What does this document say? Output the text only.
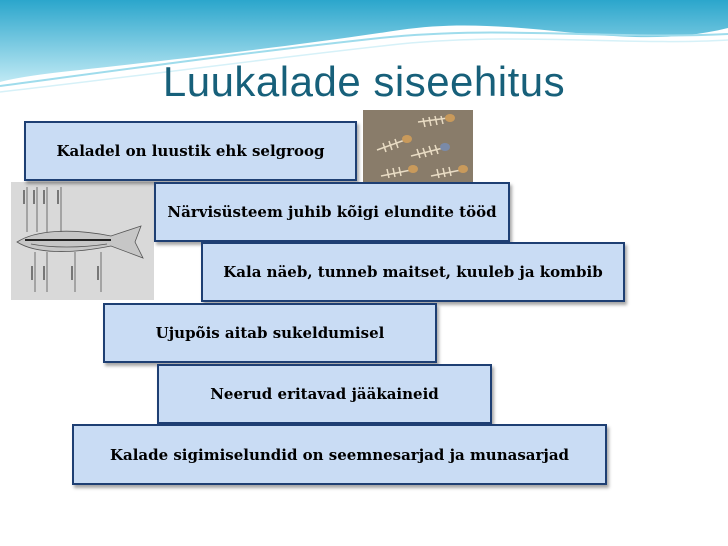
Luukalade siseehitus
Kaladel on luustik ehk selgroog
Närvisüsteem juhib kõigi elundite tööd
Kala näeb, tunneb maitset, kuuleb ja kombib
Ujupõis aitab sukeldumisel
Neerud eritavad jääkaineid
Kalade sigimiselundid on seemnesarjad ja munasarjad
